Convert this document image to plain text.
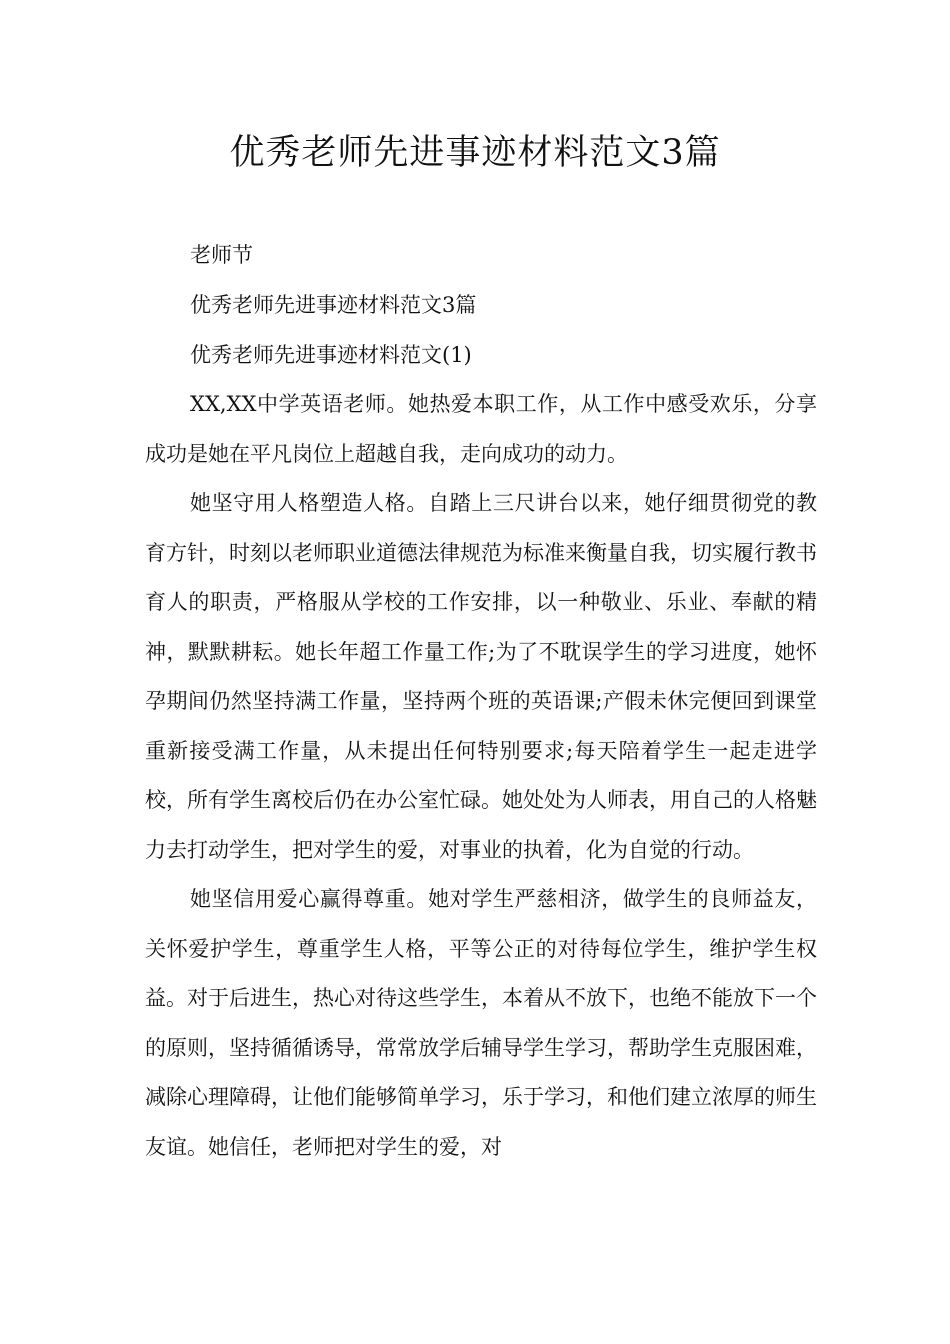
优秀老师先进事迹材料范文3篇

老师节

优秀老师先进事迹材料范文3篇

优秀老师先进事迹材料范文(1)

XX,XX中学英语老师。她热爱本职工作，从工作中感受欢乐，分享成功是她在平凡岗位上超越自我，走向成功的动力。

她坚守用人格塑造人格。自踏上三尺讲台以来，她仔细贯彻党的教育方针，时刻以老师职业道德法律规范为标准来衡量自我，切实履行教书育人的职责，严格服从学校的工作安排，以一种敬业、乐业、奉献的精神，默默耕耘。她长年超工作量工作;为了不耽误学生的学习进度，她怀孕期间仍然坚持满工作量，坚持两个班的英语课;产假未休完便回到课堂重新接受满工作量，从未提出任何特别要求;每天陪着学生一起走进学校，所有学生离校后仍在办公室忙碌。她处处为人师表，用自己的人格魅力去打动学生，把对学生的爱，对事业的执着，化为自觉的行动。

她坚信用爱心赢得尊重。她对学生严慈相济，做学生的良师益友，关怀爱护学生，尊重学生人格，平等公正的对待每位学生，维护学生权益。对于后进生，热心对待这些学生，本着从不放下，也绝不能放下一个的原则，坚持循循诱导，常常放学后辅导学生学习，帮助学生克服困难，减除心理障碍，让他们能够简单学习，乐于学习，和他们建立浓厚的师生友谊。她信任，老师把对学生的爱，对
